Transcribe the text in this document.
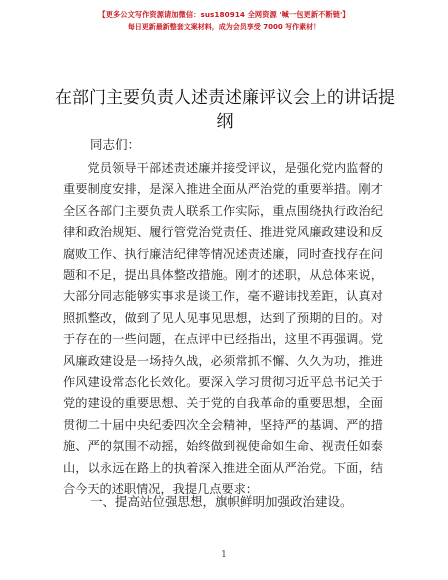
【更多公文写作资源请加微信：sus180914 全网资源 '喊一包更新不断链'】
每日更新最新整套文案材料，成为会员享受 7000 写作素材！
在部门主要负责人述责述廉评议会上的讲话提纲
同志们：

党员领导干部述责述廉并接受评议，是强化党内监督的重要制度安排，是深入推进全面从严治党的重要举措。刚才全区各部门主要负责人联系工作实际，重点围绕执行政治纪律和政治规矩、履行管党治党责任、推进党风廉政建设和反腐败工作、执行廉洁纪律等情况述责述廉，同时查找存在问题和不足，提出具体整改措施。刚才的述职，从总体来说，大部分同志能够实事求是谈工作，毫不避讳找差距，认真对照抓整改，做到了见人见事见思想，达到了预期的目的。对于存在的一些问题，在点评中已经指出，这里不再强调。党风廉政建设是一场持久战，必须常抓不懈、久久为功，推进作风建设常态化长效化。要深入学习贯彻习近平总书记关于党的建设的重要思想、关于党的自我革命的重要思想，全面贯彻二十届中央纪委四次全会精神，坚持严的基调、严的措施、严的氛围不动摇，始终做到视使命如生命、视责任如泰山，以永远在路上的执着深入推进全面从严治党。下面，结合今天的述职情况，我提几点要求：

一、提高站位强思想，旗帜鲜明加强政治建设。
1
